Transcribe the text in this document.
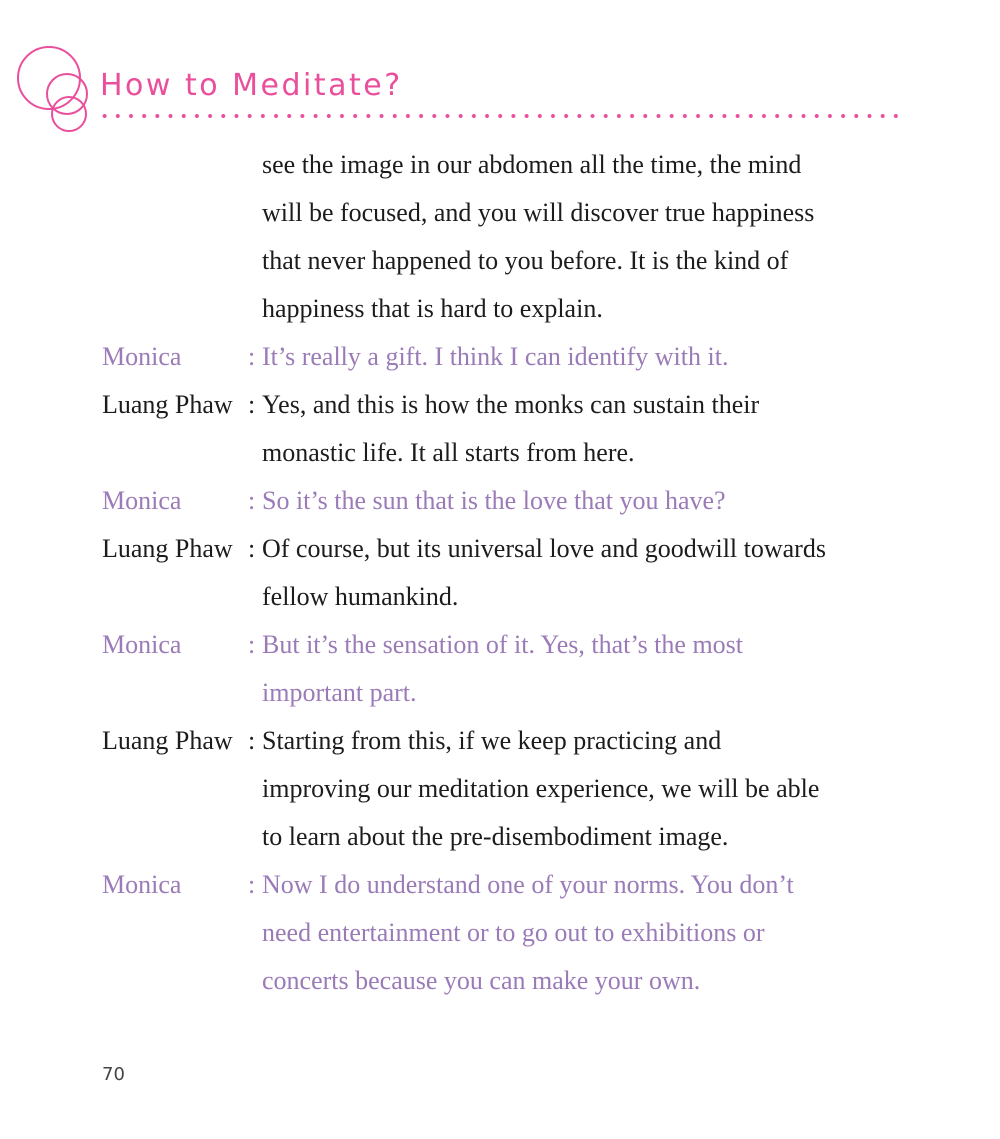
How to Meditate?
see the image in our abdomen all the time, the mind
will be focused, and you will discover true happiness
that never happened to you before. It is the kind of
happiness that is hard to explain.
Monica	: It’s really a gift. I think I can identify with it.
Luang Phaw : Yes, and this is how the monks can sustain their
monastic life. It all starts from here.
Monica	: So it’s the sun that is the love that you have?
Luang Phaw : Of course, but its universal love and goodwill towards
fellow humankind.
Monica	: But it’s the sensation of it. Yes, that’s the most
important part.
Luang Phaw : Starting from this, if we keep practicing and
improving our meditation experience, we will be able
to learn about the pre-disembodiment image.
Monica	: Now I do understand one of your norms. You don’t
need entertainment or to go out to exhibitions or
concerts because you can make your own.
70
